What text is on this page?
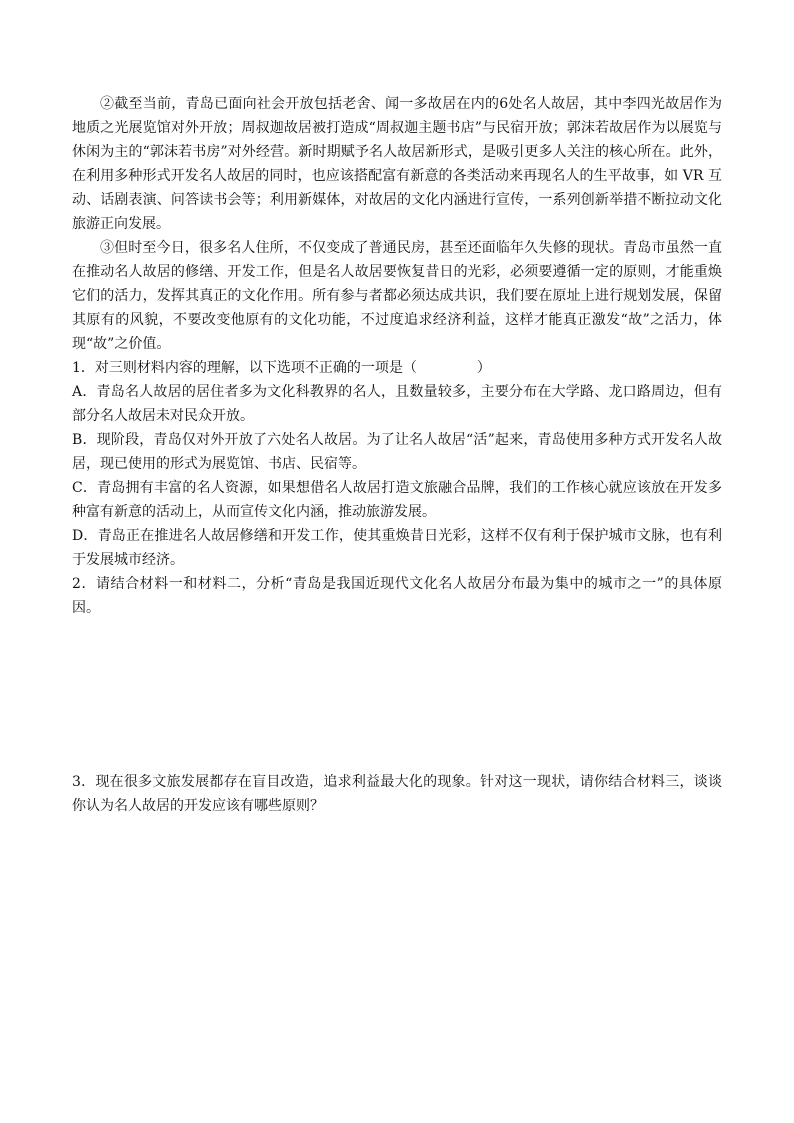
②截至当前，青岛已面向社会开放包括老舍、闻一多故居在内的6处名人故居，其中李四光故居作为地质之光展览馆对外开放；周叔迦故居被打造成“周叔迦主题书店”与民宿开放；郭沫若故居作为以展览与休闲为主的“郭沫若书房”对外经营。新时期赋予名人故居新形式，是吸引更多人关注的核心所在。此外，在利用多种形式开发名人故居的同时，也应该搭配富有新意的各类活动来再现名人的生平故事，如 VR 互动、话剧表演、问答读书会等；利用新媒体，对故居的文化内涵进行宣传，一系列创新举措不断拉动文化旅游正向发展。

③但时至今日，很多名人住所，不仅变成了普通民房，甚至还面临年久失修的现状。青岛市虽然一直在推动名人故居的修缮、开发工作，但是名人故居要恢复昔日的光彩，必须要遵循一定的原则，才能重焕它们的活力，发挥其真正的文化作用。所有参与者都必须达成共识，我们要在原址上进行规划发展，保留其原有的风貌，不要改变他原有的文化功能，不过度追求经济利益，这样才能真正激发“故”之活力，体现“故”之价值。

1．对三则材料内容的理解，以下选项不正确的一项是（	）

A．青岛名人故居的居住者多为文化科教界的名人，且数量较多，主要分布在大学路、龙口路周边，但有部分名人故居未对民众开放。

B．现阶段，青岛仅对外开放了六处名人故居。为了让名人故居“活”起来，青岛使用多种方式开发名人故居，现已使用的形式为展览馆、书店、民宿等。

C．青岛拥有丰富的名人资源，如果想借名人故居打造文旅融合品牌，我们的工作核心就应该放在开发多种富有新意的活动上，从而宣传文化内涵，推动旅游发展。

D．青岛正在推进名人故居修缮和开发工作，使其重焕昔日光彩，这样不仅有利于保护城市文脉，也有利于发展城市经济。

2．请结合材料一和材料二，分析“青岛是我国近现代文化名人故居分布最为集中的城市之一”的具体原因。

3．现在很多文旅发展都存在盲目改造，追求利益最大化的现象。针对这一现状，请你结合材料三，谈谈你认为名人故居的开发应该有哪些原则？
